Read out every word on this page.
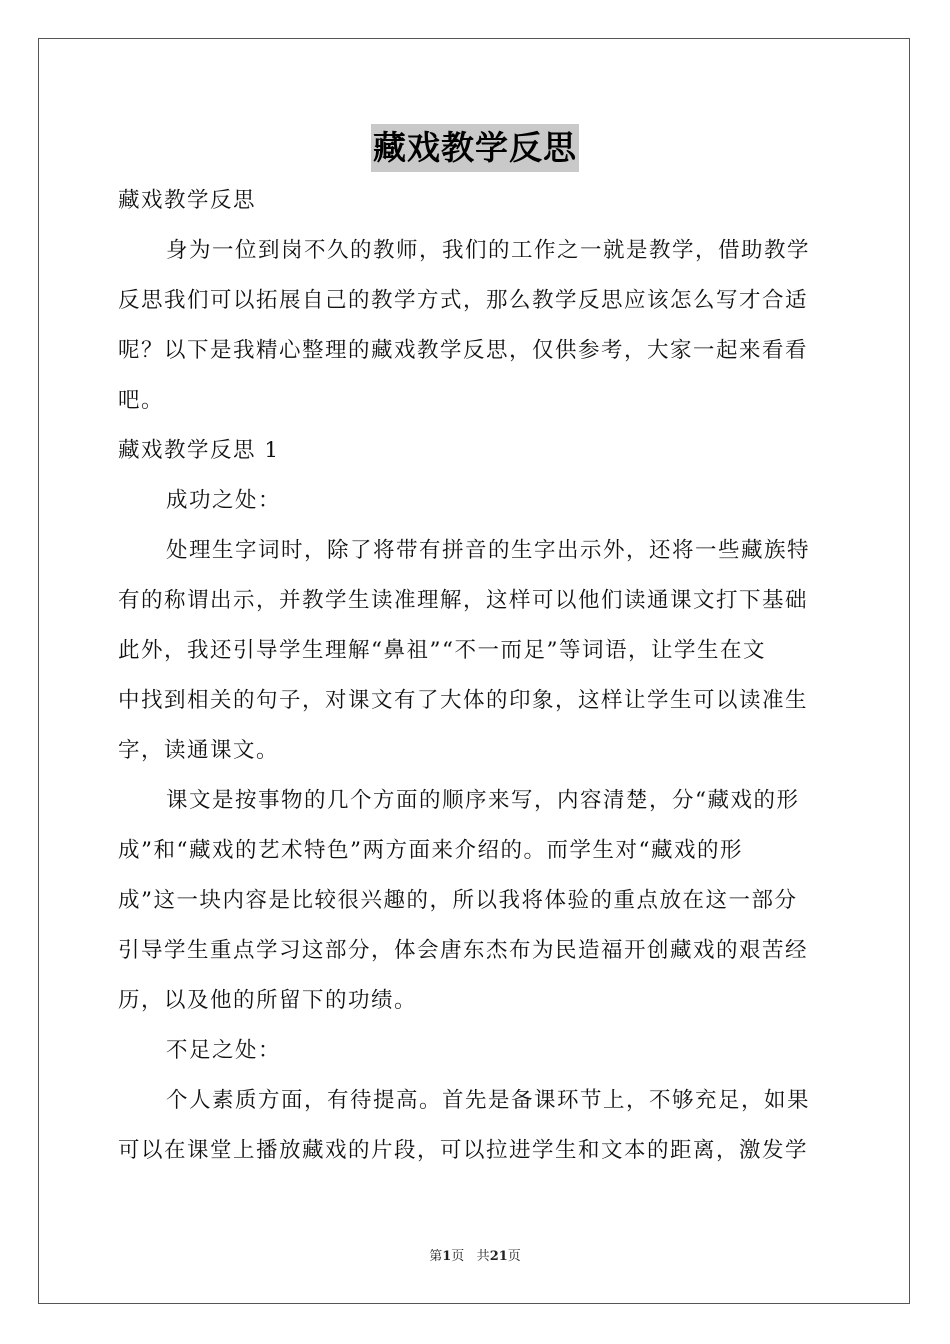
藏戏教学反思
藏戏教学反思
身为一位到岗不久的教师，我们的工作之一就是教学，借助教学
反思我们可以拓展自己的教学方式，那么教学反思应该怎么写才合适
呢？以下是我精心整理的藏戏教学反思，仅供参考，大家一起来看看
吧。
藏戏教学反思 1
成功之处：
处理生字词时，除了将带有拼音的生字出示外，还将一些藏族特
有的称谓出示，并教学生读准理解，这样可以他们读通课文打下基础
此外，我还引导学生理解“鼻祖”“不一而足”等词语，让学生在文
中找到相关的句子，对课文有了大体的印象，这样让学生可以读准生
字，读通课文。
课文是按事物的几个方面的顺序来写，内容清楚，分“藏戏的形
成”和“藏戏的艺术特色”两方面来介绍的。而学生对“藏戏的形
成”这一块内容是比较很兴趣的，所以我将体验的重点放在这一部分
引导学生重点学习这部分，体会唐东杰布为民造福开创藏戏的艰苦经
历，以及他的所留下的功绩。
不足之处：
个人素质方面，有待提高。首先是备课环节上，不够充足，如果
可以在课堂上播放藏戏的片段，可以拉进学生和文本的距离，激发学
第1页 共21页
